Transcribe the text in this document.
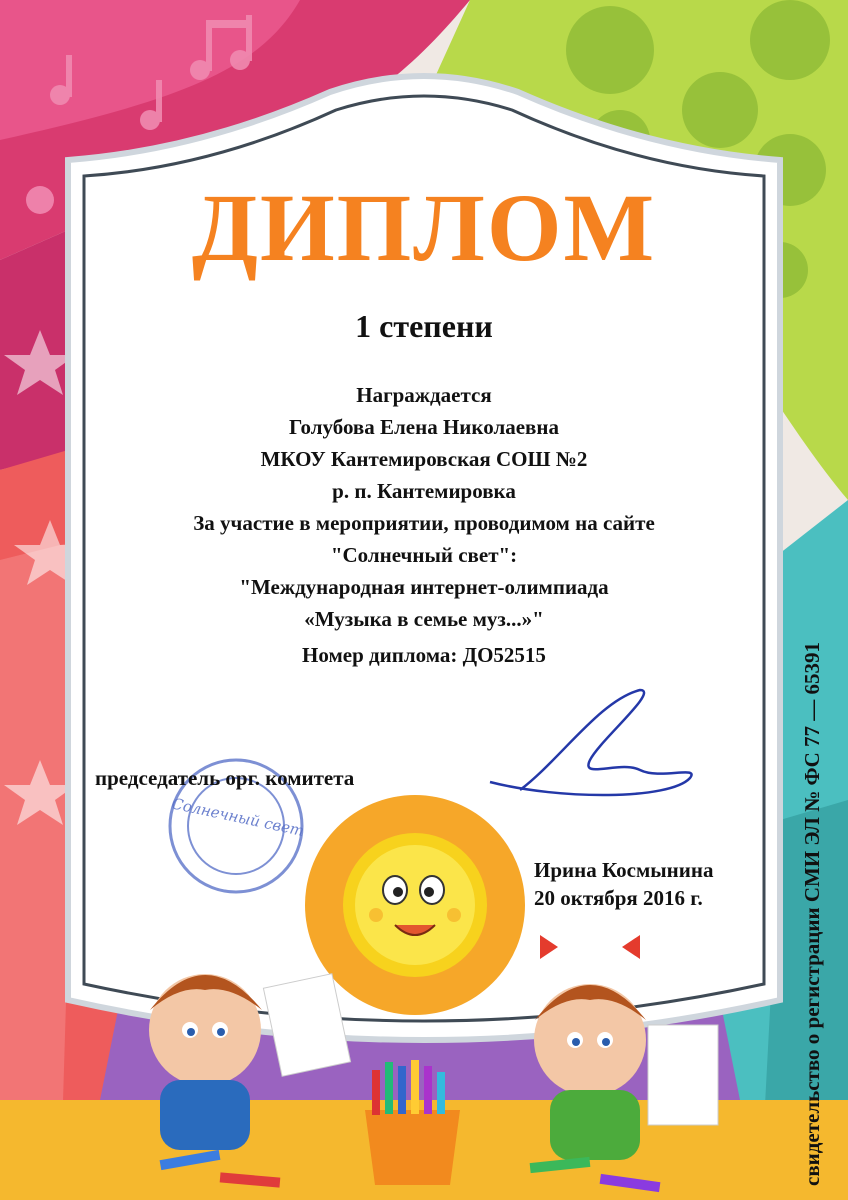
Солнечный свет
ДИПЛОМ
1 степени
Награждается
Голубова Елена Николаевна
МКОУ Кантемировская СОШ №2
р. п. Кантемировка
За участие в мероприятии, проводимом на сайте
"Солнечный свет":
"Международная интернет-олимпиада
«Музыка в семье муз...»"
Номер диплома: ДО52515
председатель орг. комитета
Ирина Космынина
20 октября 2016 г.	свидетельство о регистрации СМИ ЭЛ № ФС 77 — 65391
